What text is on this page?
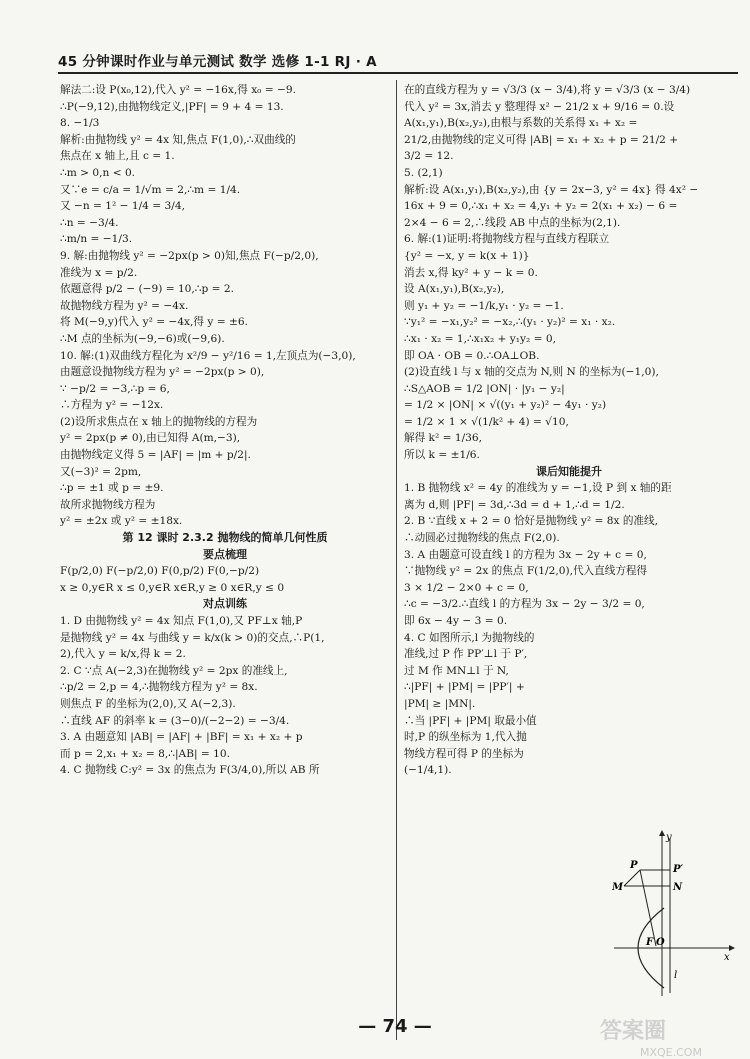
45 分钟课时作业与单元测试 数学 选修 1-1 RJ · A
解法二:设 P(x₀,12),代入 y² = −16x,得 x₀ = −9.
∴P(−9,12),由抛物线定义,|PF| = 9 + 4 = 13.
8. −1/3
解析:由抛物线 y² = 4x 知,焦点 F(1,0),∴双曲线的
焦点在 x 轴上,且 c = 1.
∴m > 0,n < 0.
又∵e = c/a = 1/√m = 2,∴m = 1/4.
又 −n = 1² − 1/4 = 3/4,
∴n = −3/4.
∴m/n = −1/3.
9. 解:由抛物线 y² = −2px(p > 0)知,焦点 F(−p/2,0),
准线为 x = p/2.
依题意得 p/2 − (−9) = 10,∴p = 2.
故抛物线方程为 y² = −4x.
将 M(−9,y)代入 y² = −4x,得 y = ±6.
∴M 点的坐标为(−9,−6)或(−9,6).
10. 解:(1)双曲线方程化为 x²/9 − y²/16 = 1,左顶点为(−3,0),
由题意设抛物线方程为 y² = −2px(p > 0),
∵ −p/2 = −3,∴p = 6,
∴方程为 y² = −12x.
(2)设所求焦点在 x 轴上的抛物线的方程为
y² = 2px(p ≠ 0),由已知得 A(m,−3),
由抛物线定义得 5 = |AF| = |m + p/2|.
又(−3)² = 2pm,
∴p = ±1 或 p = ±9.
故所求抛物线方程为
y² = ±2x 或 y² = ±18x.
第 12 课时 2.3.2 抛物线的简单几何性质
要点梳理
F(p/2,0) F(−p/2,0) F(0,p/2) F(0,−p/2)
x ≥ 0,y∈R x ≤ 0,y∈R x∈R,y ≥ 0 x∈R,y ≤ 0
对点训练
1. D 由抛物线 y² = 4x 知点 F(1,0),又 PF⊥x 轴,P
是抛物线 y² = 4x 与曲线 y = k/x(k > 0)的交点,∴P(1,
2),代入 y = k/x,得 k = 2.
2. C ∵点 A(−2,3)在抛物线 y² = 2px 的准线上,
∴p/2 = 2,p = 4,∴抛物线方程为 y² = 8x.
则焦点 F 的坐标为(2,0),又 A(−2,3).
∴直线 AF 的斜率 k = (3−0)/(−2−2) = −3/4.
3. A 由题意知 |AB| = |AF| + |BF| = x₁ + x₂ + p
而 p = 2,x₁ + x₂ = 8,∴|AB| = 10.
4. C 抛物线 C:y² = 3x 的焦点为 F(3/4,0),所以 AB 所
在的直线方程为 y = √3/3 (x − 3/4),将 y = √3/3 (x − 3/4)
代入 y² = 3x,消去 y 整理得 x² − 21/2 x + 9/16 = 0.设
A(x₁,y₁),B(x₂,y₂),由根与系数的关系得 x₁ + x₂ =
21/2,由抛物线的定义可得 |AB| = x₁ + x₂ + p = 21/2 +
3/2 = 12.
5. (2,1)
解析:设 A(x₁,y₁),B(x₂,y₂),由 {y = 2x−3, y² = 4x} 得 4x² −
16x + 9 = 0,∴x₁ + x₂ = 4,y₁ + y₂ = 2(x₁ + x₂) − 6 =
2×4 − 6 = 2,∴线段 AB 中点的坐标为(2,1).
6. 解:(1)证明:将抛物线方程与直线方程联立
{y² = −x, y = k(x + 1)}
消去 x,得 ky² + y − k = 0.
设 A(x₁,y₁),B(x₂,y₂),
则 y₁ + y₂ = −1/k,y₁ · y₂ = −1.
∵y₁² = −x₁,y₂² = −x₂,∴(y₁ · y₂)² = x₁ · x₂.
∴x₁ · x₂ = 1,∴x₁x₂ + y₁y₂ = 0,
即 OA · OB = 0.∴OA⊥OB.
(2)设直线 l 与 x 轴的交点为 N,则 N 的坐标为(−1,0),
∴S△AOB = 1/2 |ON| · |y₁ − y₂|
= 1/2 × |ON| × √((y₁ + y₂)² − 4y₁ · y₂)
= 1/2 × 1 × √(1/k² + 4) = √10,
解得 k² = 1/36,
所以 k = ±1/6.
课后知能提升
1. B 抛物线 x² = 4y 的准线为 y = −1,设 P 到 x 轴的距
离为 d,则 |PF| = 3d,∴3d = d + 1,∴d = 1/2.
2. B ∵直线 x + 2 = 0 恰好是抛物线 y² = 8x 的准线,
∴动圆必过抛物线的焦点 F(2,0).
3. A 由题意可设直线 l 的方程为 3x − 2y + c = 0,
∵抛物线 y² = 2x 的焦点 F(1/2,0),代入直线方程得
3 × 1/2 − 2×0 + c = 0,
∴c = −3/2.∴直线 l 的方程为 3x − 2y − 3/2 = 0,
即 6x − 4y − 3 = 0.
4. C 如图所示,l 为抛物线的
准线,过 P 作 PP′⊥l 于 P′,
过 M 作 MN⊥l 于 N,
∴|PF| + |PM| = |PP′| +
|PM| ≥ |MN|.
∴当 |PF| + |PM| 取最小值
时,P 的纵坐标为 1,代入抛
物线方程可得 P 的坐标为
(−1/4,1).
y
x
P	P′
M	N
F O
l
— 74 —	答案圈
MXQE.COM
